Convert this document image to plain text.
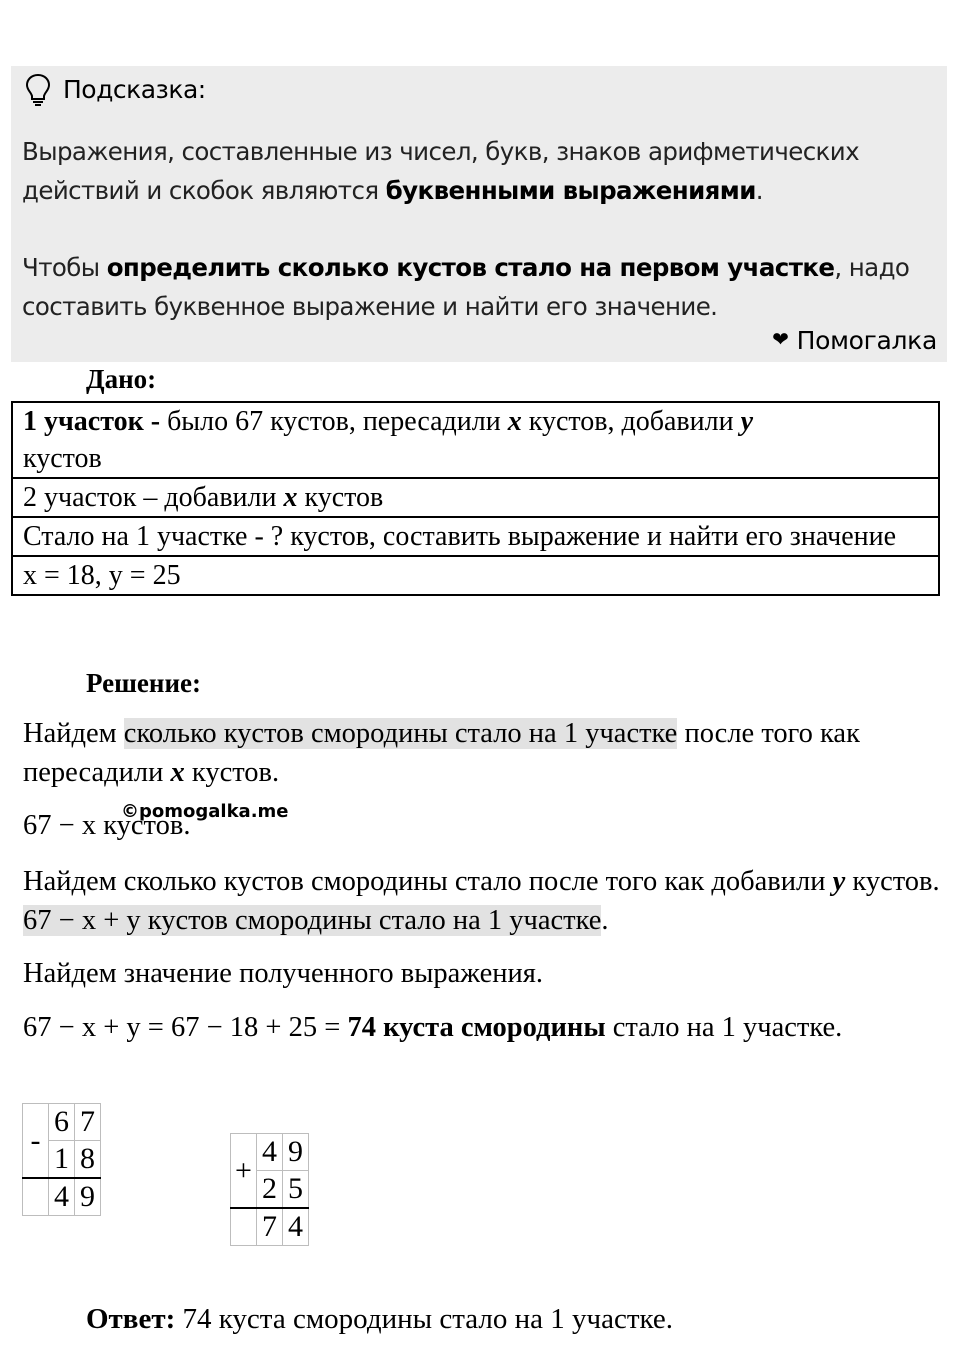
Подсказка:

Выражения, составленные из чисел, букв, знаков арифметических действий и скобок являются буквенными выражениями.

Чтобы определить сколько кустов стало на первом участке, надо составить буквенное выражение и найти его значение.

❤ Помогалка
Дано:
1 участок - было 67 кустов, пересадили x кустов, добавили y
кустов
2 участок – добавили x кустов
Стало на 1 участке - ? кустов, составить выражение и найти его значение
x = 18, y = 25
Решение:
Найдем сколько кустов смородины стало на 1 участке после того как пересадили x кустов.
67 − x кустов.
©pomogalka.me
Найдем сколько кустов смородины стало после того как добавили y кустов. 67 − x + y кустов смородины стало на 1 участке.
Найдем значение полученного выражения.
67 − x + y = 67 − 18 + 25 = 74 куста смородины стало на 1 участке.
-	6	7
	1	8
	4	9
+	4	9
	2	5
	7	4
Ответ: 74 куста смородины стало на 1 участке.
